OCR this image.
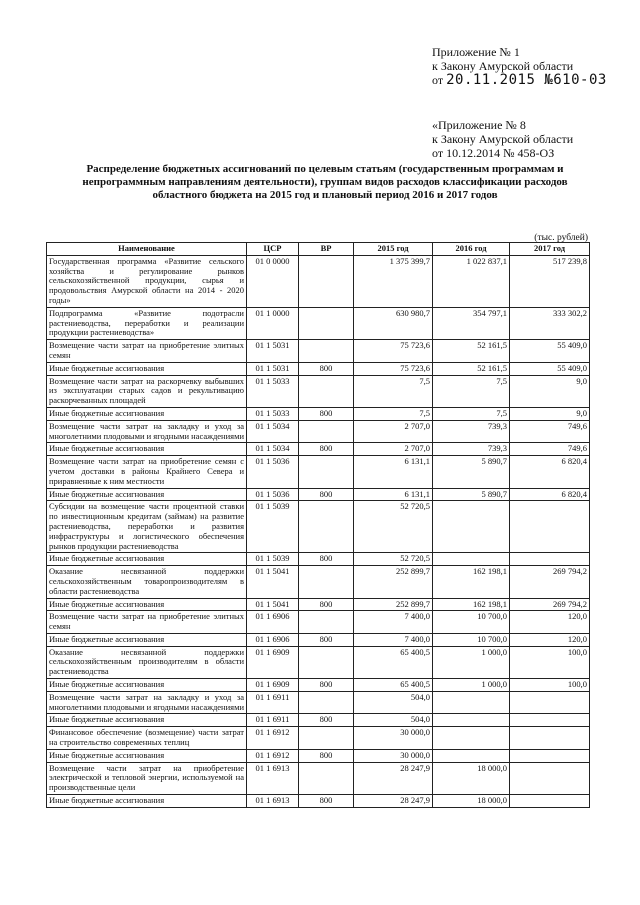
Приложение № 1
к Закону Амурской области
от 20.11.2015 №610-03
«Приложение № 8
к Закону Амурской области
от 10.12.2014 № 458-ОЗ
Распределение бюджетных ассигнований по целевым статьям (государственным программам и непрограммным направлениям деятельности), группам видов расходов классификации расходов областного бюджета на 2015 год и плановый период 2016 и 2017 годов
(тыс. рублей)
Наименование	ЦСР	ВР	2015 год	2016 год	2017 год
Государственная программа «Развитие сельского хозяйства и регулирование рынков сельскохозяйственной продукции, сырья и продовольствия Амурской области на 2014 - 2020 годы»	01 0 0000		1 375 399,7	1 022 837,1	517 239,8
Подпрограмма «Развитие подотрасли растениеводства, переработки и реализации продукции растениеводства»	01 1 0000		630 980,7	354 797,1	333 302,2
Возмещение части затрат на приобретение элитных семян	01 1 5031		75 723,6	52 161,5	55 409,0
Иные бюджетные ассигнования	01 1 5031	800	75 723,6	52 161,5	55 409,0
Возмещение части затрат на раскорчевку выбывших из эксплуатации старых садов и рекультивацию раскорчеванных площадей	01 1 5033		7,5	7,5	9,0
Иные бюджетные ассигнования	01 1 5033	800	7,5	7,5	9,0
Возмещение части затрат на закладку и уход за многолетними плодовыми и ягодными насаждениями	01 1 5034		2 707,0	739,3	749,6
Иные бюджетные ассигнования	01 1 5034	800	2 707,0	739,3	749,6
Возмещение части затрат на приобретение семян с учетом доставки в районы Крайнего Севера и приравненные к ним местности	01 1 5036		6 131,1	5 890,7	6 820,4
Иные бюджетные ассигнования	01 1 5036	800	6 131,1	5 890,7	6 820,4
Субсидии на возмещение части процентной ставки по инвестиционным кредитам (займам) на развитие растениеводства, переработки и развития инфраструктуры и логистического обеспечения рынков продукции растениеводства	01 1 5039		52 720,5		
Иные бюджетные ассигнования	01 1 5039	800	52 720,5		
Оказание несвязанной поддержки сельскохозяйственным товаропроизводителям в области растениеводства	01 1 5041		252 899,7	162 198,1	269 794,2
Иные бюджетные ассигнования	01 1 5041	800	252 899,7	162 198,1	269 794,2
Возмещение части затрат на приобретение элитных семян	01 1 6906		7 400,0	10 700,0	120,0
Иные бюджетные ассигнования	01 1 6906	800	7 400,0	10 700,0	120,0
Оказание несвязанной поддержки сельскохозяйственным производителям в области растениеводства	01 1 6909		65 400,5	1 000,0	100,0
Иные бюджетные ассигнования	01 1 6909	800	65 400,5	1 000,0	100,0
Возмещение части затрат на закладку и уход за многолетними плодовыми и ягодными насаждениями	01 1 6911		504,0		
Иные бюджетные ассигнования	01 1 6911	800	504,0		
Финансовое обеспечение (возмещение) части затрат на строительство современных теплиц	01 1 6912		30 000,0		
Иные бюджетные ассигнования	01 1 6912	800	30 000,0		
Возмещение части затрат на приобретение электрической и тепловой энергии, используемой на производственные цели	01 1 6913		28 247,9	18 000,0	
Иные бюджетные ассигнования	01 1 6913	800	28 247,9	18 000,0	
